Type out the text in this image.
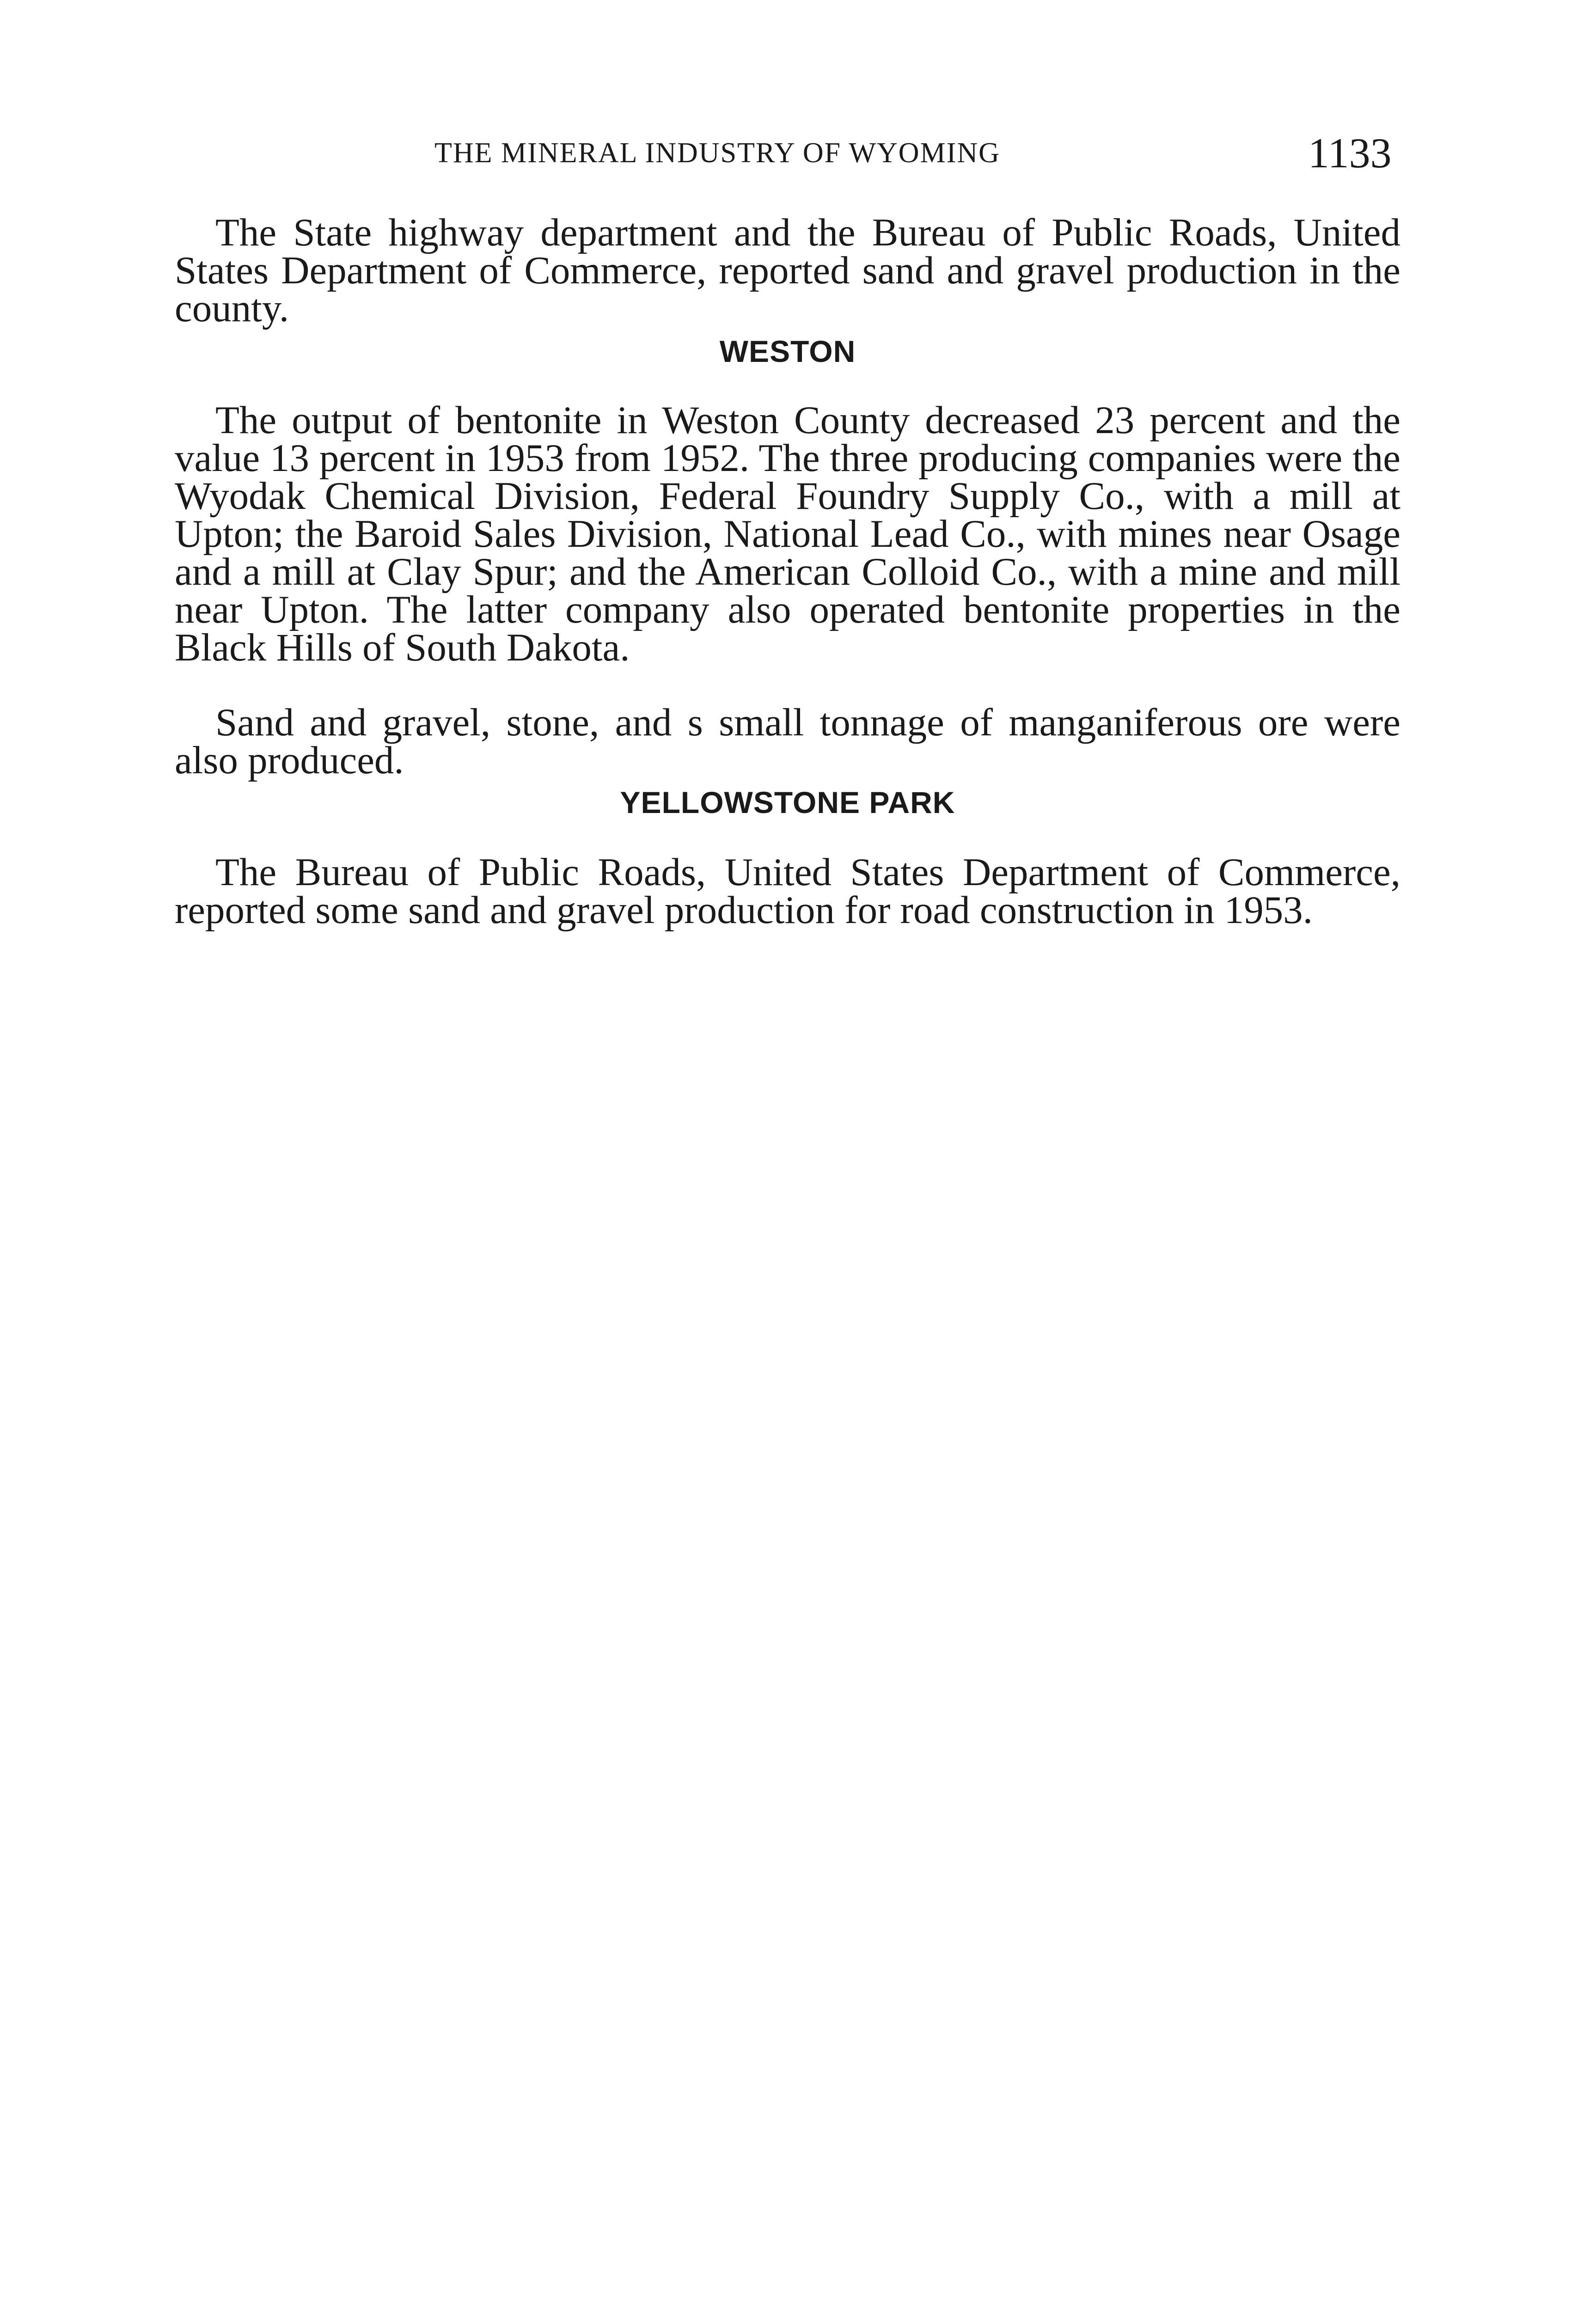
THE MINERAL INDUSTRY OF WYOMING	1133

The State highway department and the Bureau of Public Roads, United States Department of Commerce, reported sand and gravel production in the county.

WESTON

The output of bentonite in Weston County decreased 23 percent and the value 13 percent in 1953 from 1952. The three producing companies were the Wyodak Chemical Division, Federal Foundry Supply Co., with a mill at Upton; the Baroid Sales Division, National Lead Co., with mines near Osage and a mill at Clay Spur; and the American Colloid Co., with a mine and mill near Upton. The latter company also operated bentonite properties in the Black Hills of South Dakota.

Sand and gravel, stone, and s small tonnage of manganiferous ore were also produced.

YELLOWSTONE PARK

The Bureau of Public Roads, United States Department of Commerce, reported some sand and gravel production for road construction in 1953.
